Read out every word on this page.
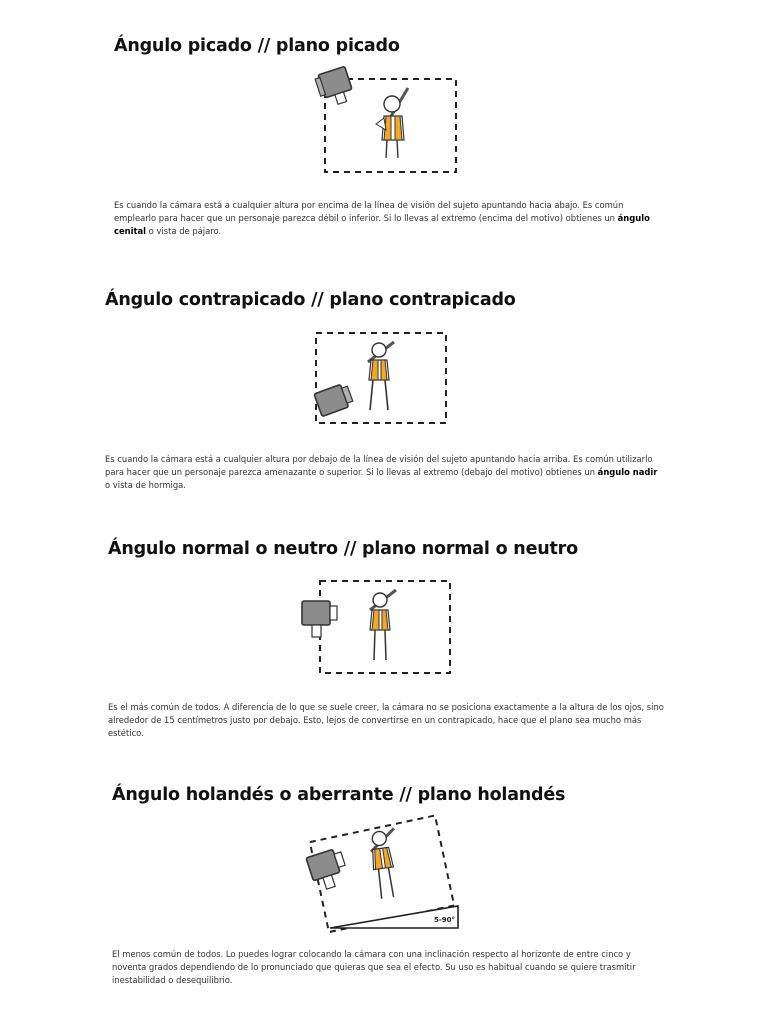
Ángulo picado // plano picado

Es cuando la cámara está a cualquier altura por encima de la línea de visión del sujeto apuntando hacia abajo. Es común emplearlo para hacer que un personaje parezca débil o inferior. Si lo llevas al extremo (encima del motivo) obtienes un ángulo cenital o vista de pájaro.

Ángulo contrapicado // plano contrapicado

Es cuando la cámara está a cualquier altura por debajo de la línea de visión del sujeto apuntando hacia arriba. Es común utilizarlo para hacer que un personaje parezca amenazante o superior. Si lo llevas al extremo (debajo del motivo) obtienes un ángulo nadir o vista de hormiga.

Ángulo normal o neutro // plano normal o neutro

Es el más común de todos. A diferencia de lo que se suele creer, la cámara no se posiciona exactamente a la altura de los ojos, sino alrededor de 15 centímetros justo por debajo. Esto, lejos de convertirse en un contrapicado, hace que el plano sea mucho más estético.

Ángulo holandés o aberrante // plano holandés
5-90°

El menos común de todos. Lo puedes lograr colocando la cámara con una inclinación respecto al horizonte de entre cinco y noventa grados dependiendo de lo pronunciado que quieras que sea el efecto. Su uso es habitual cuando se quiere trasmitir inestabilidad o desequilibrio.
